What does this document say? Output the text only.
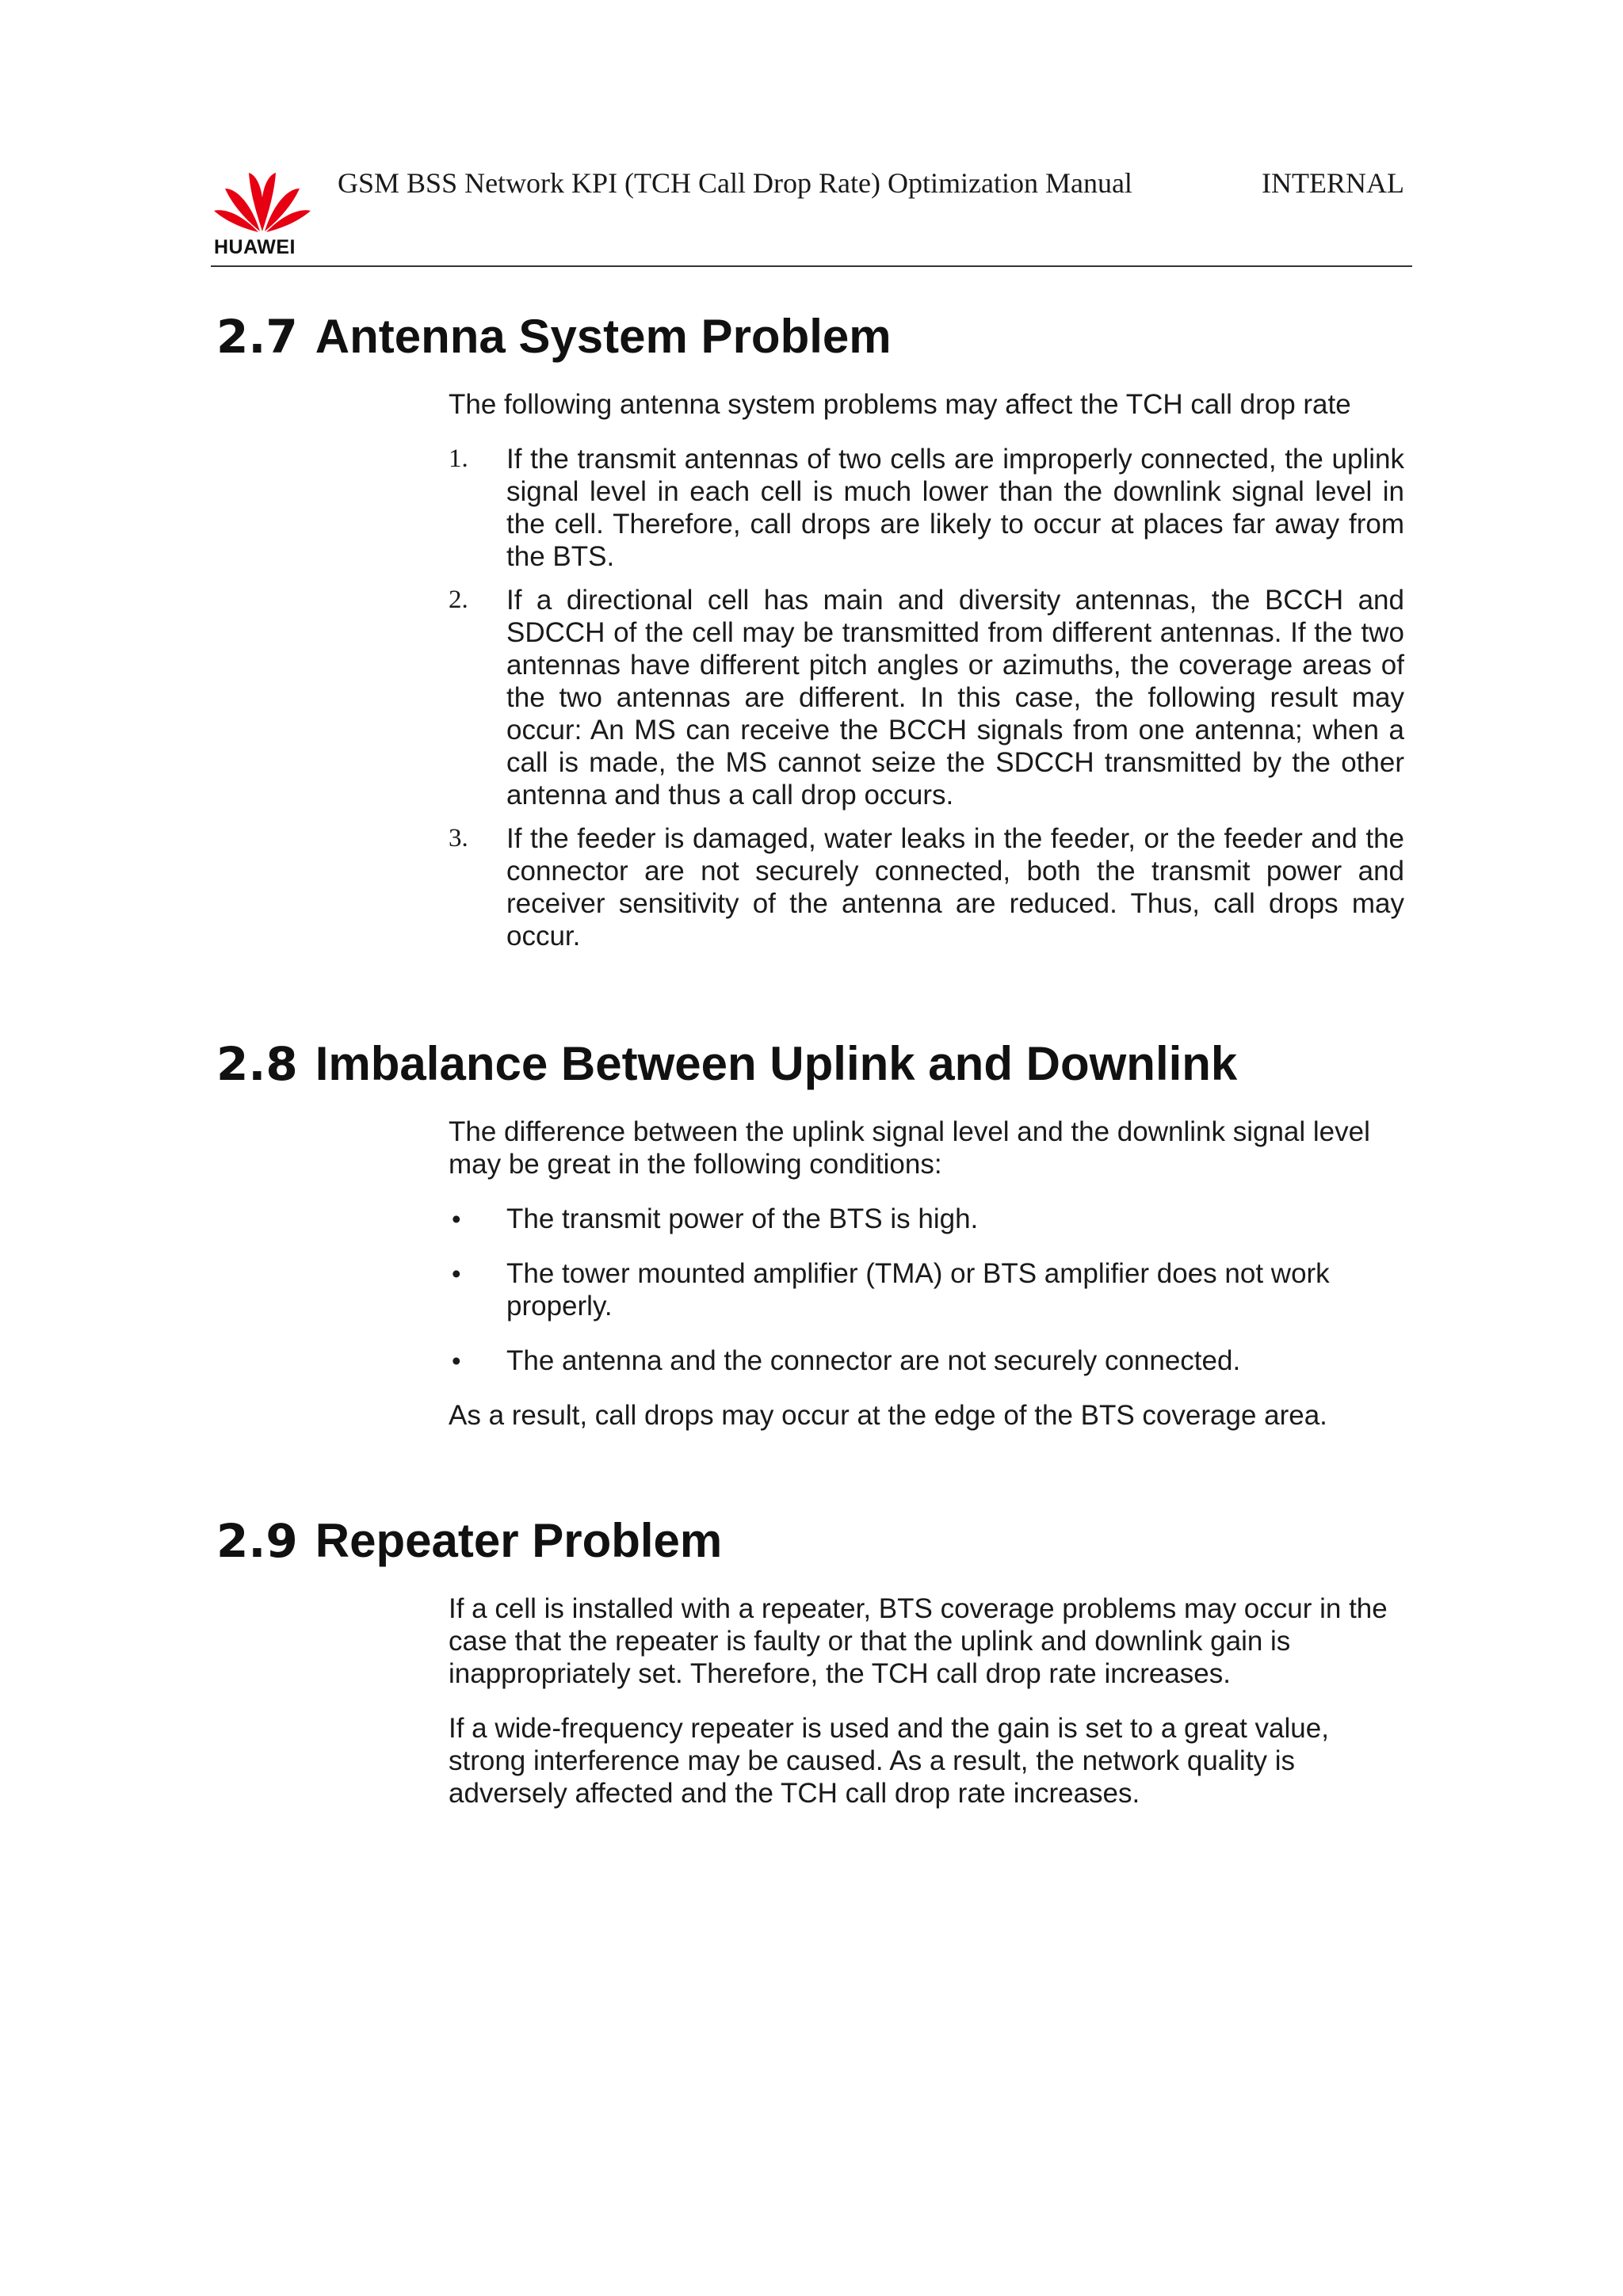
HUAWEI
GSM BSS Network KPI (TCH Call Drop Rate) Optimization Manual	INTERNAL
2.7 Antenna System Problem

The following antenna system problems may affect the TCH call drop rate

1. If the transmit antennas of two cells are improperly connected, the uplink signal level in each cell is much lower than the downlink signal level in the cell. Therefore, call drops are likely to occur at places far away from the BTS.
2. If a directional cell has main and diversity antennas, the BCCH and SDCCH of the cell may be transmitted from different antennas. If the two antennas have different pitch angles or azimuths, the coverage areas of the two antennas are different. In this case, the following result may occur: An MS can receive the BCCH signals from one antenna; when a call is made, the MS cannot seize the SDCCH transmitted by the other antenna and thus a call drop occurs.
3. If the feeder is damaged, water leaks in the feeder, or the feeder and the connector are not securely connected, both the transmit power and receiver sensitivity of the antenna are reduced. Thus, call drops may occur.
2.8 Imbalance Between Uplink and Downlink

The difference between the uplink signal level and the downlink signal level may be great in the following conditions:

• The transmit power of the BTS is high.
• The tower mounted amplifier (TMA) or BTS amplifier does not work properly.
• The antenna and the connector are not securely connected.

As a result, call drops may occur at the edge of the BTS coverage area.

2.9 Repeater Problem

If a cell is installed with a repeater, BTS coverage problems may occur in the case that the repeater is faulty or that the uplink and downlink gain is inappropriately set. Therefore, the TCH call drop rate increases.

If a wide-frequency repeater is used and the gain is set to a great value, strong interference may be caused. As a result, the network quality is adversely affected and the TCH call drop rate increases.
